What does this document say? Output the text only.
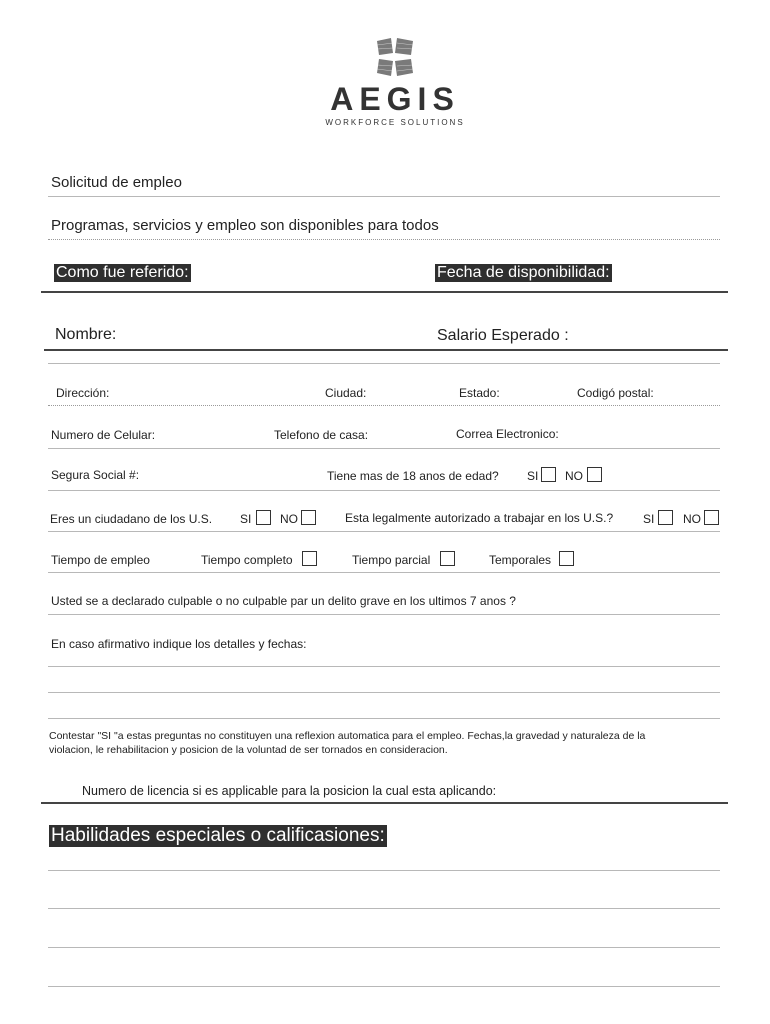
AEGIS
WORKFORCE SOLUTIONS
Solicitud de empleo
Programas, servicios y empleo son disponibles para todos
Como fue referido:	Fecha de disponibilidad:
Nombre:	Salario Esperado :
Dirección:	Ciudad:	Estado:	Codigó postal:
Numero de Celular:	Telefono de casa:	Correa Electronico:
Segura Social #:	Tiene mas de 18 anos de edad? SI NO
Eres un ciudadano de los U.S. SI NO	Esta legalmente autorizado a trabajar en los U.S.? SI NO
Tiempo de empleo	Tiempo completo	Tiempo parcial	Temporales
Usted se a declarado culpable o no culpable par un delito grave en los ultimos 7 anos ?
En caso afirmativo indique los detalles y fechas:
Contestar "SI "a estas preguntas no constituyen una reflexion automatica para el empleo. Fechas,la gravedad y naturaleza de la
violacion, le rehabilitacion y posicion de la voluntad de ser tornados en consideracion.
Numero de licencia si es applicable para la posicion la cual esta aplicando:
Habilidades especiales o calificasiones:
